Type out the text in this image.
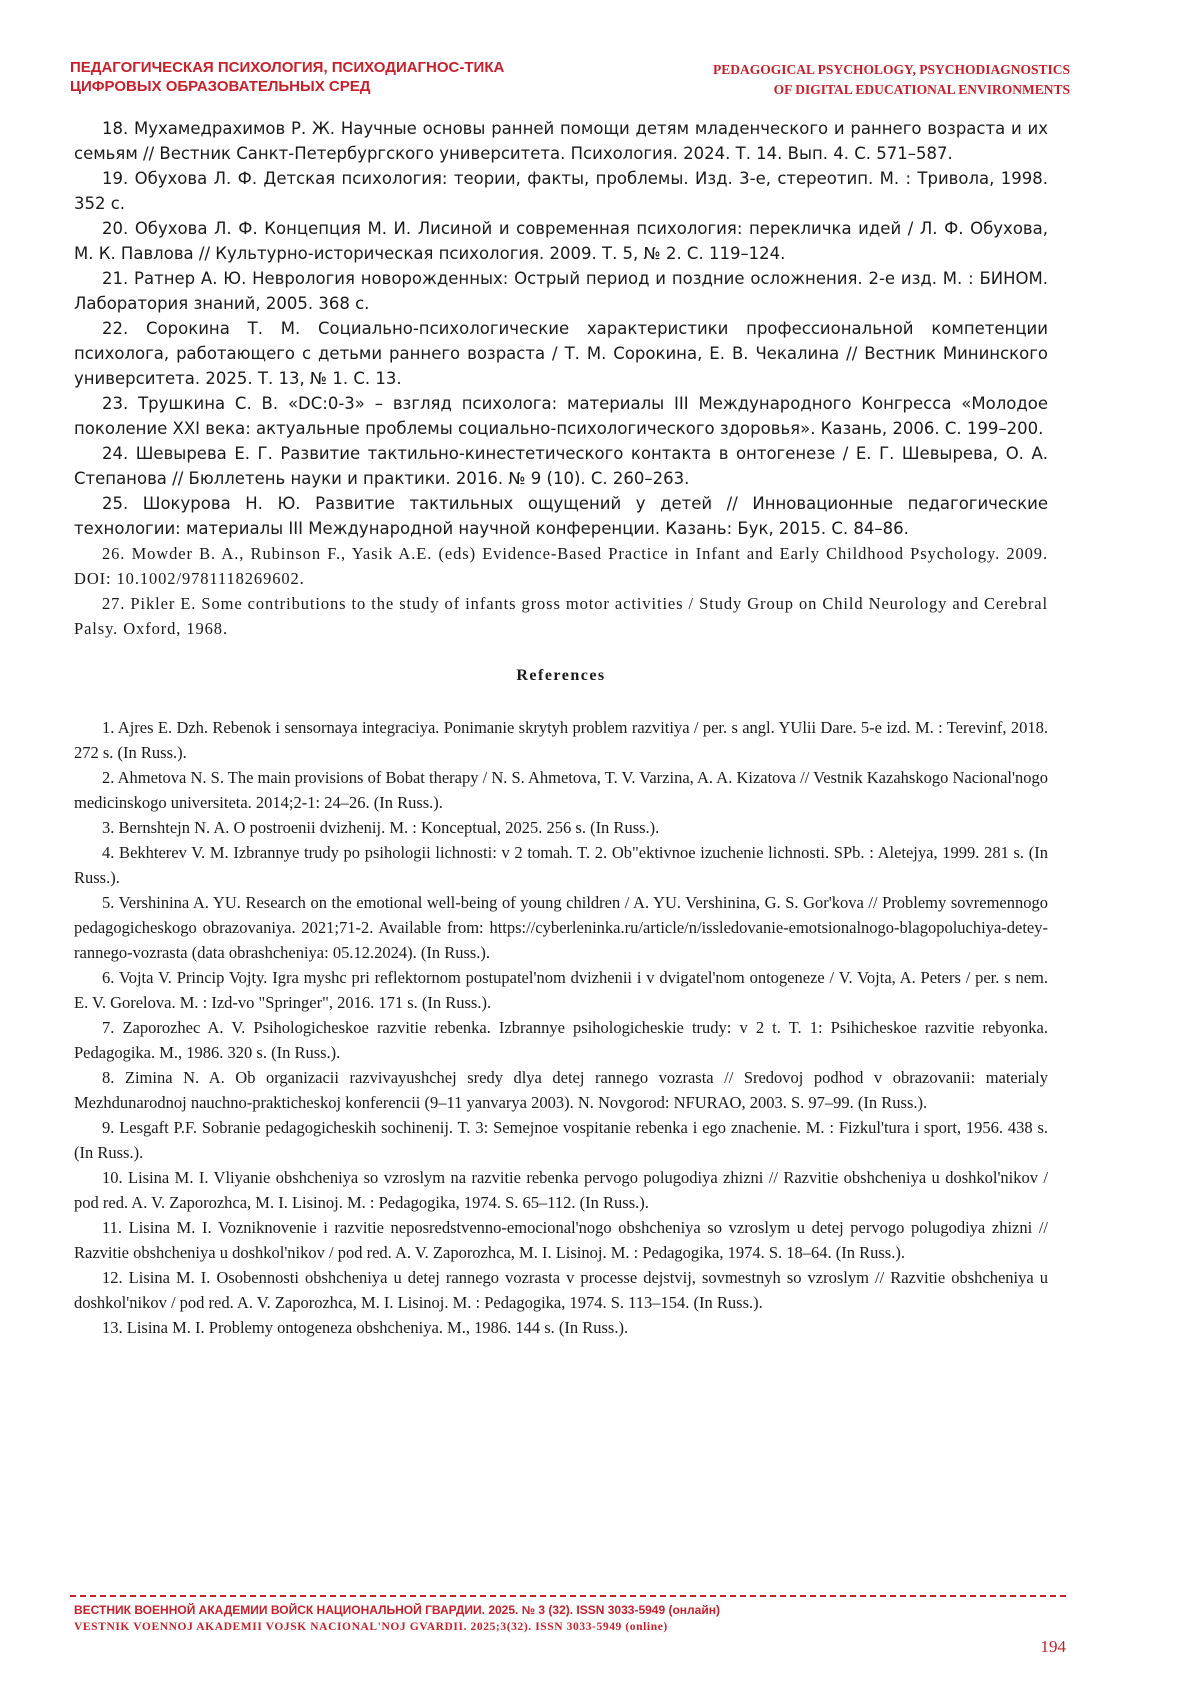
ПЕДАГОГИЧЕСКАЯ ПСИХОЛОГИЯ, ПСИХОДИАГНОС-ТИКА ЦИФРОВЫХ ОБРАЗОВАТЕЛЬНЫХ СРЕД

PEDAGOGICAL PSYCHOLOGY, PSYCHODIAGNOSTICS
OF DIGITAL EDUCATIONAL ENVIRONMENTS

18. Мухамедрахимов Р. Ж. Научные основы ранней помощи детям младенческого и раннего возраста и их семьям // Вестник Санкт-Петербургского университета. Психология. 2024. Т. 14. Вып. 4. С. 571–587.

19. Обухова Л. Ф. Детская психология: теории, факты, проблемы. Изд. 3-е, стереотип. М. : Тривола, 1998. 352 с.

20. Обухова Л. Ф. Концепция М. И. Лисиной и современная психология: перекличка идей / Л. Ф. Обухова, М. К. Павлова // Культурно-историческая психология. 2009. Т. 5, № 2. С. 119–124.

21. Ратнер А. Ю. Неврология новорожденных: Острый период и поздние осложнения. 2-е изд. М. : БИНОМ. Лаборатория знаний, 2005. 368 с.

22. Сорокина Т. М. Социально-психологические характеристики профессиональной компетенции психолога, работающего с детьми раннего возраста / Т. М. Сорокина, Е. В. Чекалина // Вестник Мининского университета. 2025. Т. 13, № 1. С. 13.

23. Трушкина С. В. «DC:0-3» – взгляд психолога: материалы III Международного Конгресса «Молодое поколение XXI века: актуальные проблемы социально-психологического здоровья». Казань, 2006. С. 199–200.

24. Шевырева Е. Г. Развитие тактильно-кинестетического контакта в онтогенезе / Е. Г. Шевырева, О. А. Степанова // Бюллетень науки и практики. 2016. № 9 (10). С. 260–263.

25. Шокурова Н. Ю. Развитие тактильных ощущений у детей // Инновационные педагогические технологии: материалы III Международной научной конференции. Казань: Бук, 2015. С. 84–86.

26. Mowder B. A., Rubinson F., Yasik A.E. (eds) Evidence-Based Practice in Infant and Early Childhood Psychology. 2009. DOI: 10.1002/9781118269602.

27. Pikler E. Some contributions to the study of infants gross motor activities / Study Group on Child Neurology and Cerebral Palsy. Oxford, 1968.

References

1. Ajres E. Dzh. Rebenok i sensornaya integraciya. Ponimanie skrytyh problem razvitiya / per. s angl. YUlii Dare. 5-e izd. M. : Terevinf, 2018. 272 s. (In Russ.).

2. Ahmetova N. S. The main provisions of Bobat therapy / N. S. Ahmetova, T. V. Varzina, A. A. Kizatova // Vestnik Kazahskogo Nacional'nogo medicinskogo universiteta. 2014;2-1: 24–26. (In Russ.).

3. Bernshtejn N. A. O postroenii dvizhenij. M. : Konceptual, 2025. 256 s. (In Russ.).

4. Bekhterev V. M. Izbrannye trudy po psihologii lichnosti: v 2 tomah. T. 2. Ob"ektivnoe izuchenie lichnosti. SPb. : Aletejya, 1999. 281 s. (In Russ.).

5. Vershinina A. YU. Research on the emotional well-being of young children / A. YU. Vershinina, G. S. Gor'kova // Problemy sovremennogo pedagogicheskogo obrazovaniya. 2021;71-2. Available from: https://cyberleninka.ru/article/n/issledovanie-emotsionalnogo-blagopoluchiya-detey-rannego-vozrasta (data obrashcheniya: 05.12.2024). (In Russ.).

6. Vojta V. Princip Vojty. Igra myshc pri reflektornom postupatel'nom dvizhenii i v dvigatel'nom ontogeneze / V. Vojta, A. Peters / per. s nem. E. V. Gorelova. M. : Izd-vo "Springer", 2016. 171 s. (In Russ.).

7. Zaporozhec A. V. Psihologicheskoe razvitie rebenka. Izbrannye psihologicheskie trudy: v 2 t. T. 1: Psihicheskoe razvitie rebyonka. Pedagogika. M., 1986. 320 s. (In Russ.).

8. Zimina N. A. Ob organizacii razvivayushchej sredy dlya detej rannego vozrasta // Sredovoj podhod v obrazovanii: materialy Mezhdunarodnoj nauchno-prakticheskoj konferencii (9–11 yanvarya 2003). N. Novgorod: NFURAO, 2003. S. 97–99. (In Russ.).

9. Lesgaft P.F. Sobranie pedagogicheskih sochinenij. T. 3: Semejnoe vospitanie rebenka i ego znachenie. M. : Fizkul'tura i sport, 1956. 438 s. (In Russ.).

10. Lisina M. I. Vliyanie obshcheniya so vzroslym na razvitie rebenka pervogo polugodiya zhizni // Razvitie obshcheniya u doshkol'nikov / pod red. A. V. Zaporozhca, M. I. Lisinoj. M. : Pedagogika, 1974. S. 65–112. (In Russ.).

11. Lisina M. I. Vozniknovenie i razvitie neposredstvenno-emocional'nogo obshcheniya so vzroslym u detej pervogo polugodiya zhizni // Razvitie obshcheniya u doshkol'nikov / pod red. A. V. Zaporozhca, M. I. Lisinoj. M. : Pedagogika, 1974. S. 18–64. (In Russ.).

12. Lisina M. I. Osobennosti obshcheniya u detej rannego vozrasta v processe dejstvij, sovmestnyh so vzroslym // Razvitie obshcheniya u doshkol'nikov / pod red. A. V. Zaporozhca, M. I. Lisinoj. M. : Pedagogika, 1974. S. 113–154. (In Russ.).

13. Lisina M. I. Problemy ontogeneza obshcheniya. M., 1986. 144 s. (In Russ.).

ВЕСТНИК ВОЕННОЙ АКАДЕМИИ ВОЙСК НАЦИОНАЛЬНОЙ ГВАРДИИ. 2025. № 3 (32). ISSN 3033-5949 (онлайн)

VESTNIK VOENNOJ AKADEMII VOJSK NACIONAL'NOJ GVARDII. 2025;3(32). ISSN 3033-5949 (online)

194
